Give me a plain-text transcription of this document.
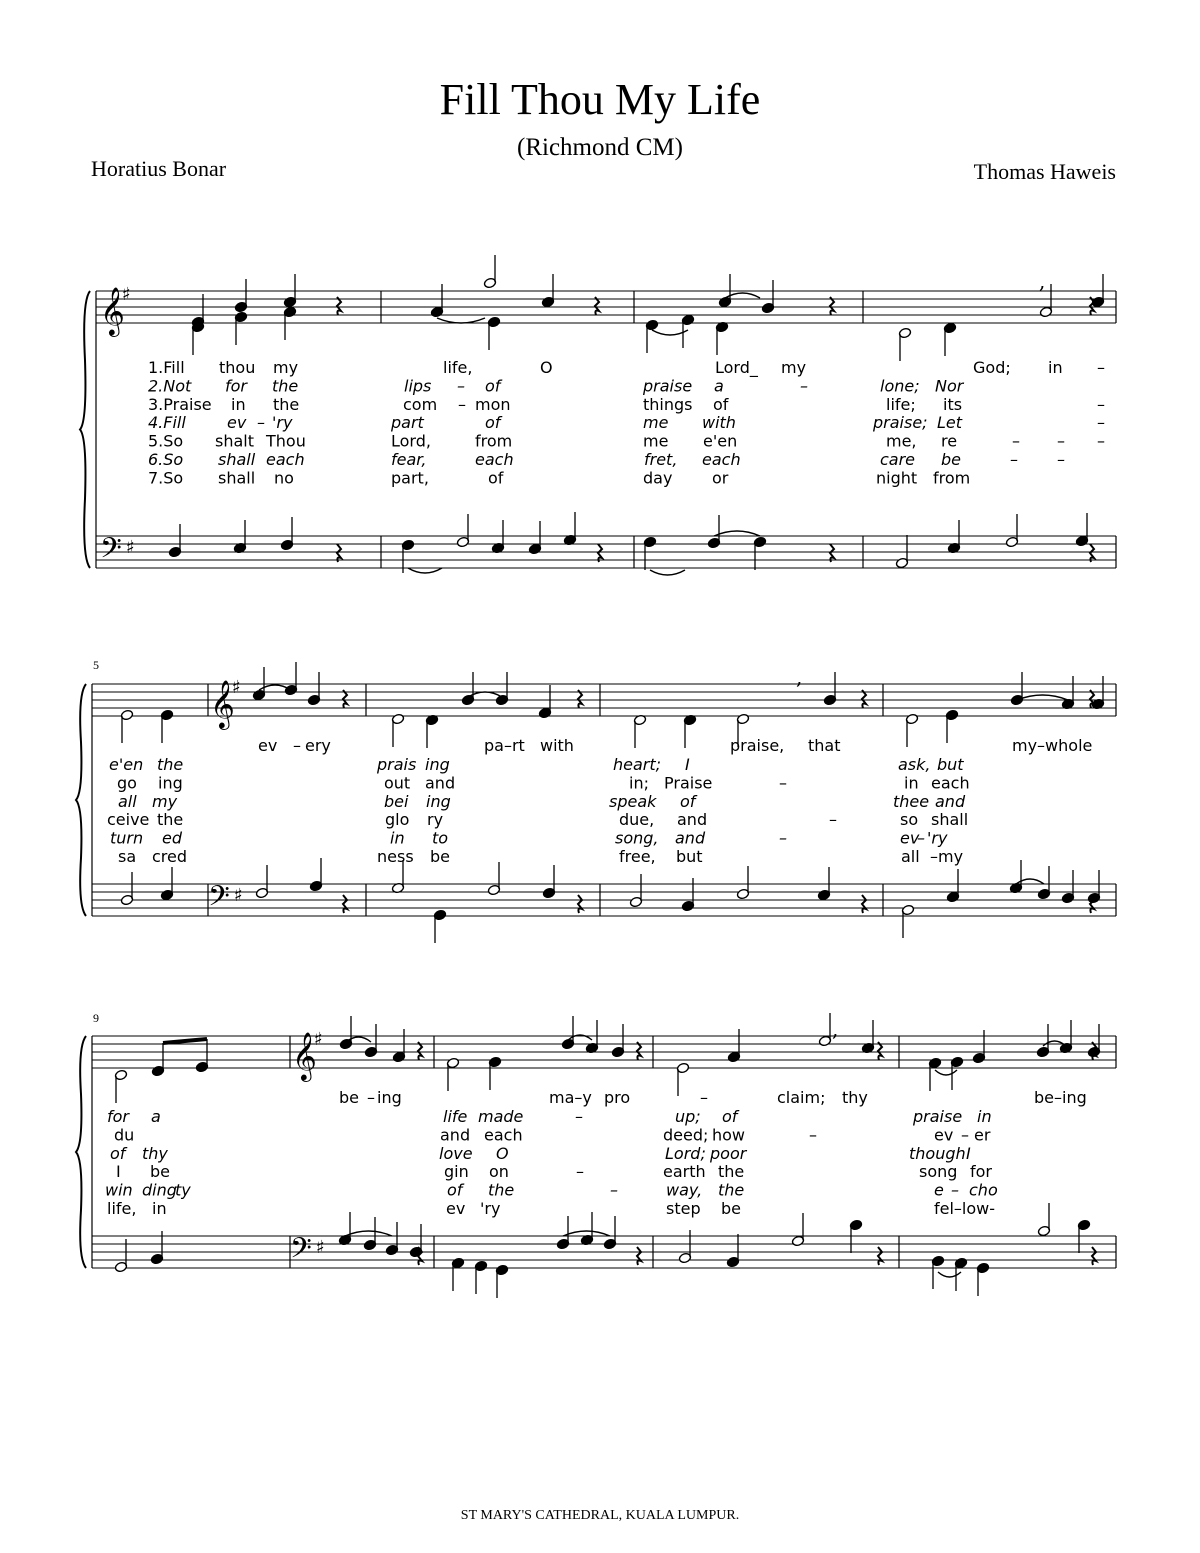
Fill Thou My Life
(Richmond CM)
Horatius Bonar	Thomas Haweis
5
9
𝄞
♯
𝄢 ♯
,
1.Fill thou my	life,	O	Lord_ my	God; in –
2.Not for the	lips – of	praise a	–	lone; Nor
3.Praise in the	com – mon	things of	life; its	–
4.Fill	ev – 'ry	part	of	me with	praise; Let	–
5.So shalt Thou	Lord,	from	me e'en	me, re	– – –
6.So shall each	fear,	each	fret, each	care be	– –
7.So shall no	part,	of	day or	night from
𝄞
♯
𝄢 ♯
,
ev – ery	pa–rt with	praise, that	my–whole
e'en the	prais ing	heart; I	ask, but
go ing	out and	in; Praise	–	in each
all my	bei ing	speak of	thee and
ceive the	glo ry	due, and	–	so shall
turn ed	in to	song, and	–	ev
– 'ry
sa cred	ness be	free, but	all –my
𝄞
♯
𝄢 ♯
,
be – ing	ma–y pro	–	claim; thy	be–ing
for a	life made	–	up; of	praise in
du	and each	deed; how	–	ev – er
of thy	love O	Lord; poor	though I
I be	gin on	–	earth the	song for
win ding
ty	of the	–	way, the	e – cho
life, in	ev 'ry	step be	fel–low-
ST MARY'S CATHEDRAL, KUALA LUMPUR.
